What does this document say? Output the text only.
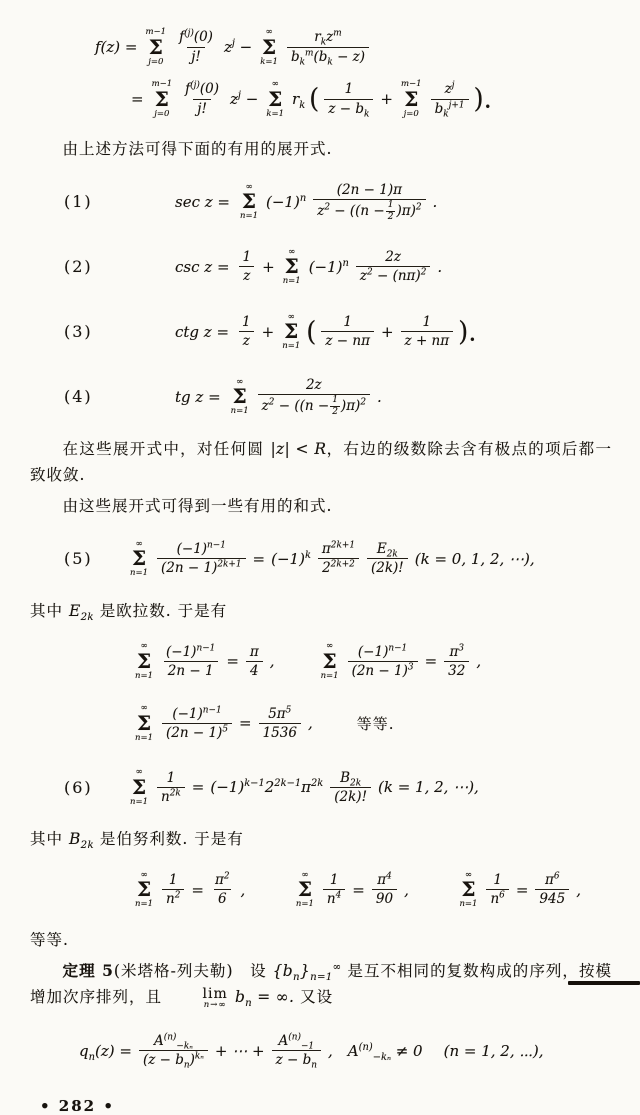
f(z) =
m−1
Σ
$j=0 \frac{f^{(j)}(0)}{j!} z^j$ −
∞
Σ
k=1
$r_kz^m$
$b_k^m(b_k - z)$
=
m−1
Σ
$j=0 \frac{f^{(j)}(0)}{j!} z^j$ −
∞
Σ
k=1
$r_k$ ( $\frac{1}{z - b_k}$ +
m−1
Σ
j=0
$z^j$
$b_k^{j+1}$ ).

由上述方法可得下面的有用的展开式.

(1)	sec z =
∞
Σ
n=1
$(-1)^n$ (2n − 1)π
$z^2 - ((n - \frac{1}{2} )\pi)^2$ .
(2)	$\csc z = \frac{1}{z}$ +
∞
Σ
n=1
$(-1)^n \frac{2z}{z^2 - (n\pi)^2}$ .
(3)	ctg $z = \frac{1}{z}$ +
∞
Σ
n=1 ( $\frac{1}{z - n\pi} + \frac{1}{z + n\pi}$ ).
(4)	tg z =
∞
Σ
n=1
2z
$z^2 - ((n - \frac{1}{2} )\pi)^2$ .

在这些展开式中，对任何圆 |z| < R，右边的级数除去含有极点的项后都一致收敛.

由这些展开式可得到一些有用的和式.

(5)
∞
Σ
$n=1 \frac{(-1)^{n-1}}{(2n - 1)^{2k+1}} = (-1)^k \frac{\pi^{2k+1}}{2^{2k+2}} \frac{E_{2k}}{(2k)!} (k = 0$, 1, 2, ⋯),

其中 $E_{2k}$ 是欧拉数. 于是有

∞
Σ
$n=1 \frac{(-1)^{n-1}}{2n - 1} = \frac{\pi}{4}$ ,
∞
Σ
$n=1 \frac{(-1)^{n-1}}{(2n - 1)^3} = \frac{\pi^3}{32}$ ,
∞
Σ
$n=1 \frac{(-1)^{n-1}}{(2n - 1)^5} = \frac{5\pi^5}{1536}$ ,	等等.
(6)
∞
Σ
$n=1 \frac{1}{n^{2k}} = (-1)^{k-1}2^{2k-1}\pi^{2k} \frac{B_{2k}}{(2k)!} (k = 1$, 2, ⋯),

其中 $B_{2k}$ 是伯努利数. 于是有

∞
Σ
$n=1 \frac{1}{n^2} = \frac{\pi^2}{6}$ ,
∞
Σ
$n=1 \frac{1}{n^4} = \frac{\pi^4}{90}$ ,
∞
Σ
$n=1 \frac{1}{n^6} = \frac{\pi^6}{945}$ ,

等等.

定理 5(米塔格-列夫勒)　设 $\{b_n\}_{n=1}^\infty$ 是互不相同的复数构成的序列，按模增加次序排列，且	lim
n→∞ $b_n$ = ∞. 又设

$q_n(z) = \frac{A^{(n)}_{-k_n}}{(z - b_n)^{k_n}}$ + ⋯ + $\frac{A^{(n)}_{-1}}{z - b_n}$ ,　$A^{(n)}_{-k_n} \ne 0$ 　(n = 1, 2, ⋯),
• 282 •
